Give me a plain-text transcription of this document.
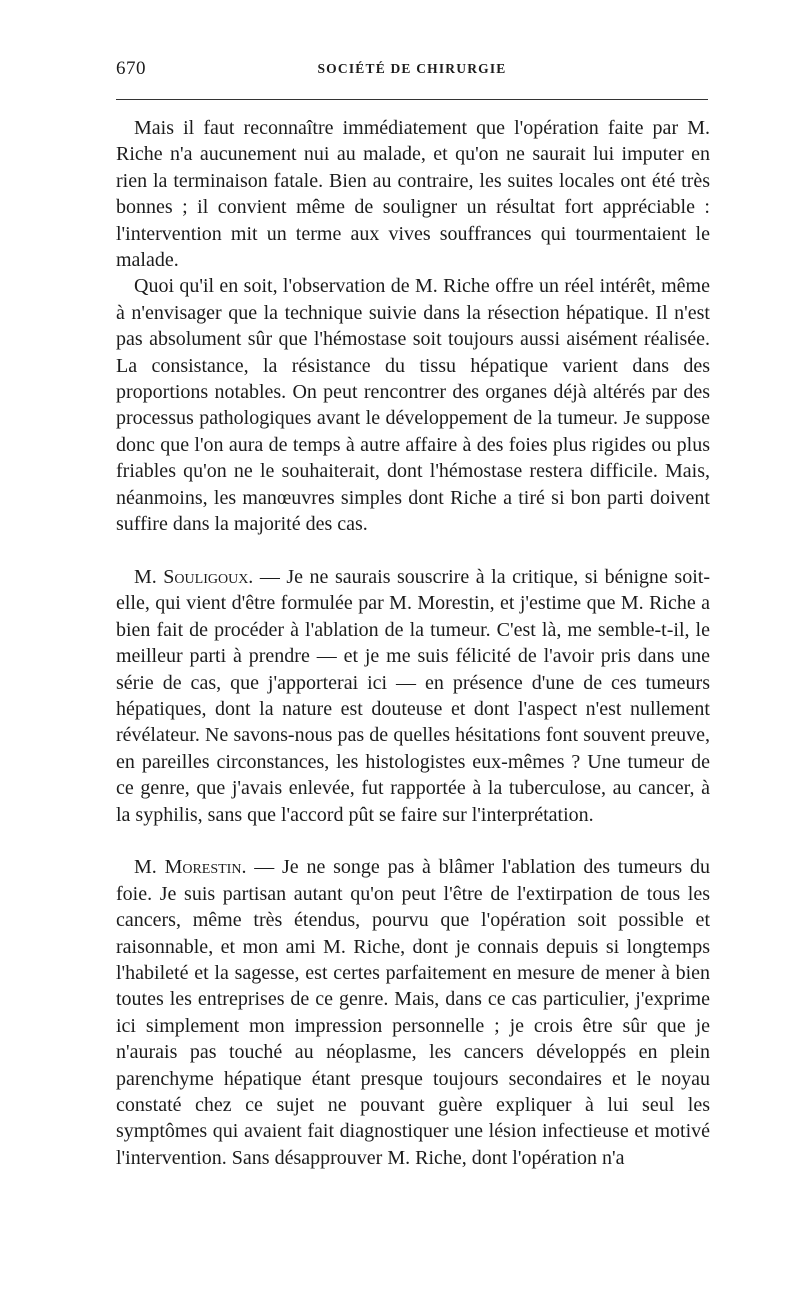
670	SOCIÉTÉ DE CHIRURGIE

Mais il faut reconnaître immédiatement que l'opération faite par M. Riche n'a aucunement nui au malade, et qu'on ne saurait lui imputer en rien la terminaison fatale. Bien au contraire, les suites locales ont été très bonnes ; il convient même de souligner un résultat fort appréciable : l'intervention mit un terme aux vives souffrances qui tourmentaient le malade.

Quoi qu'il en soit, l'observation de M. Riche offre un réel intérêt, même à n'envisager que la technique suivie dans la résection hépatique. Il n'est pas absolument sûr que l'hémostase soit toujours aussi aisément réalisée. La consistance, la résistance du tissu hépatique varient dans des proportions notables. On peut rencontrer des organes déjà altérés par des processus pathologiques avant le développement de la tumeur. Je suppose donc que l'on aura de temps à autre affaire à des foies plus rigides ou plus friables qu'on ne le souhaiterait, dont l'hémostase restera difficile. Mais, néanmoins, les manœuvres simples dont Riche a tiré si bon parti doivent suffire dans la majorité des cas.

M. Souligoux. — Je ne saurais souscrire à la critique, si bénigne soit-elle, qui vient d'être formulée par M. Morestin, et j'estime que M. Riche a bien fait de procéder à l'ablation de la tumeur. C'est là, me semble-t-il, le meilleur parti à prendre — et je me suis félicité de l'avoir pris dans une série de cas, que j'apporterai ici — en présence d'une de ces tumeurs hépatiques, dont la nature est douteuse et dont l'aspect n'est nullement révélateur. Ne savons-nous pas de quelles hésitations font souvent preuve, en pareilles circonstances, les histologistes eux-mêmes ? Une tumeur de ce genre, que j'avais enlevée, fut rapportée à la tuberculose, au cancer, à la syphilis, sans que l'accord pût se faire sur l'interprétation.

M. Morestin. — Je ne songe pas à blâmer l'ablation des tumeurs du foie. Je suis partisan autant qu'on peut l'être de l'extirpation de tous les cancers, même très étendus, pourvu que l'opération soit possible et raisonnable, et mon ami M. Riche, dont je connais depuis si longtemps l'habileté et la sagesse, est certes parfaitement en mesure de mener à bien toutes les entreprises de ce genre. Mais, dans ce cas particulier, j'exprime ici simplement mon impression personnelle ; je crois être sûr que je n'aurais pas touché au néoplasme, les cancers développés en plein parenchyme hépatique étant presque toujours secondaires et le noyau constaté chez ce sujet ne pouvant guère expliquer à lui seul les symptômes qui avaient fait diagnostiquer une lésion infectieuse et motivé l'intervention. Sans désapprouver M. Riche, dont l'opération n'a
